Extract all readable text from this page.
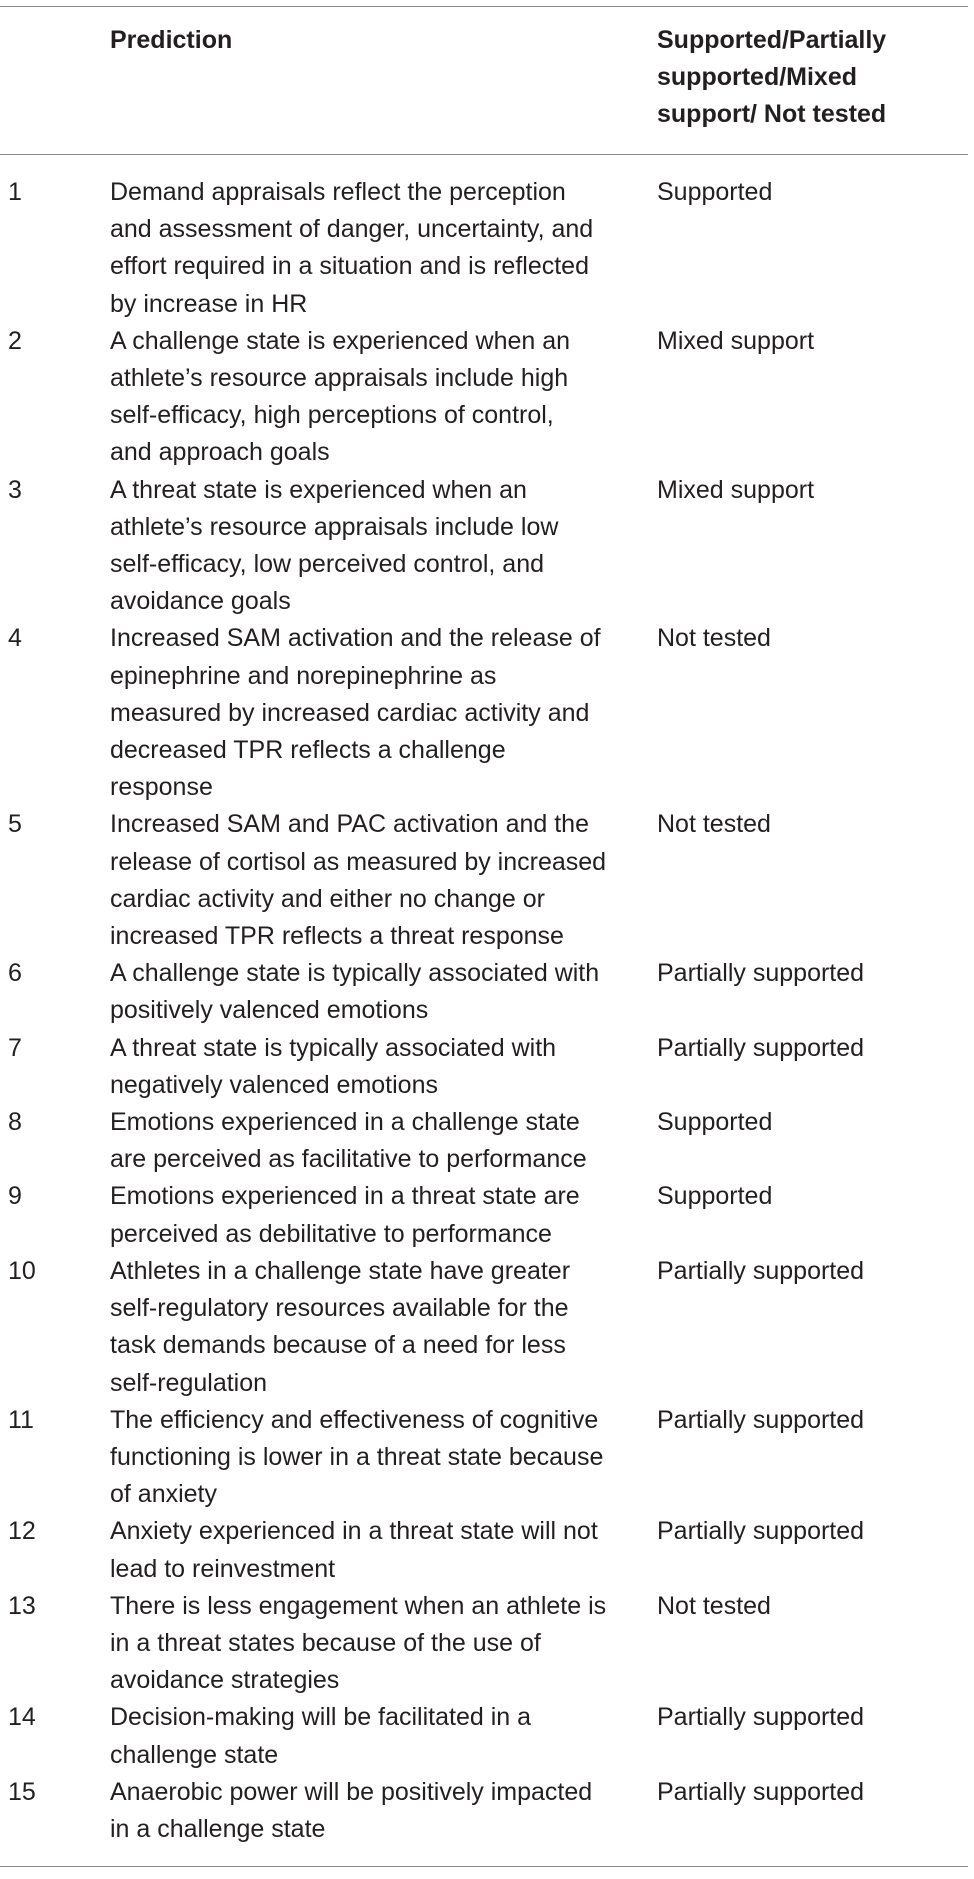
Prediction	Supported/Partially
supported/Mixed
support/ Not tested
1	Demand appraisals reflect the perception
and assessment of danger, uncertainty, and
effort required in a situation and is reflected
by increase in HR
Supported
2	A challenge state is experienced when an
athlete’s resource appraisals include high
self-efficacy, high perceptions of control,
and approach goals
Mixed support
3	A threat state is experienced when an
athlete’s resource appraisals include low
self-efficacy, low perceived control, and
avoidance goals
Mixed support
4	Increased SAM activation and the release of
epinephrine and norepinephrine as
measured by increased cardiac activity and
decreased TPR reflects a challenge
response
Not tested
5	Increased SAM and PAC activation and the
release of cortisol as measured by increased
cardiac activity and either no change or
increased TPR reflects a threat response
Not tested
6	A challenge state is typically associated with
positively valenced emotions
Partially supported
7	A threat state is typically associated with
negatively valenced emotions
Partially supported
8	Emotions experienced in a challenge state
are perceived as facilitative to performance
Supported
9	Emotions experienced in a threat state are
perceived as debilitative to performance
Supported
10	Athletes in a challenge state have greater
self-regulatory resources available for the
task demands because of a need for less
self-regulation
Partially supported
11	The efficiency and effectiveness of cognitive
functioning is lower in a threat state because
of anxiety
Partially supported
12	Anxiety experienced in a threat state will not
lead to reinvestment
Partially supported
13	There is less engagement when an athlete is
in a threat states because of the use of
avoidance strategies
Not tested
14	Decision-making will be facilitated in a
challenge state
Partially supported
15	Anaerobic power will be positively impacted
in a challenge state
Partially supported
